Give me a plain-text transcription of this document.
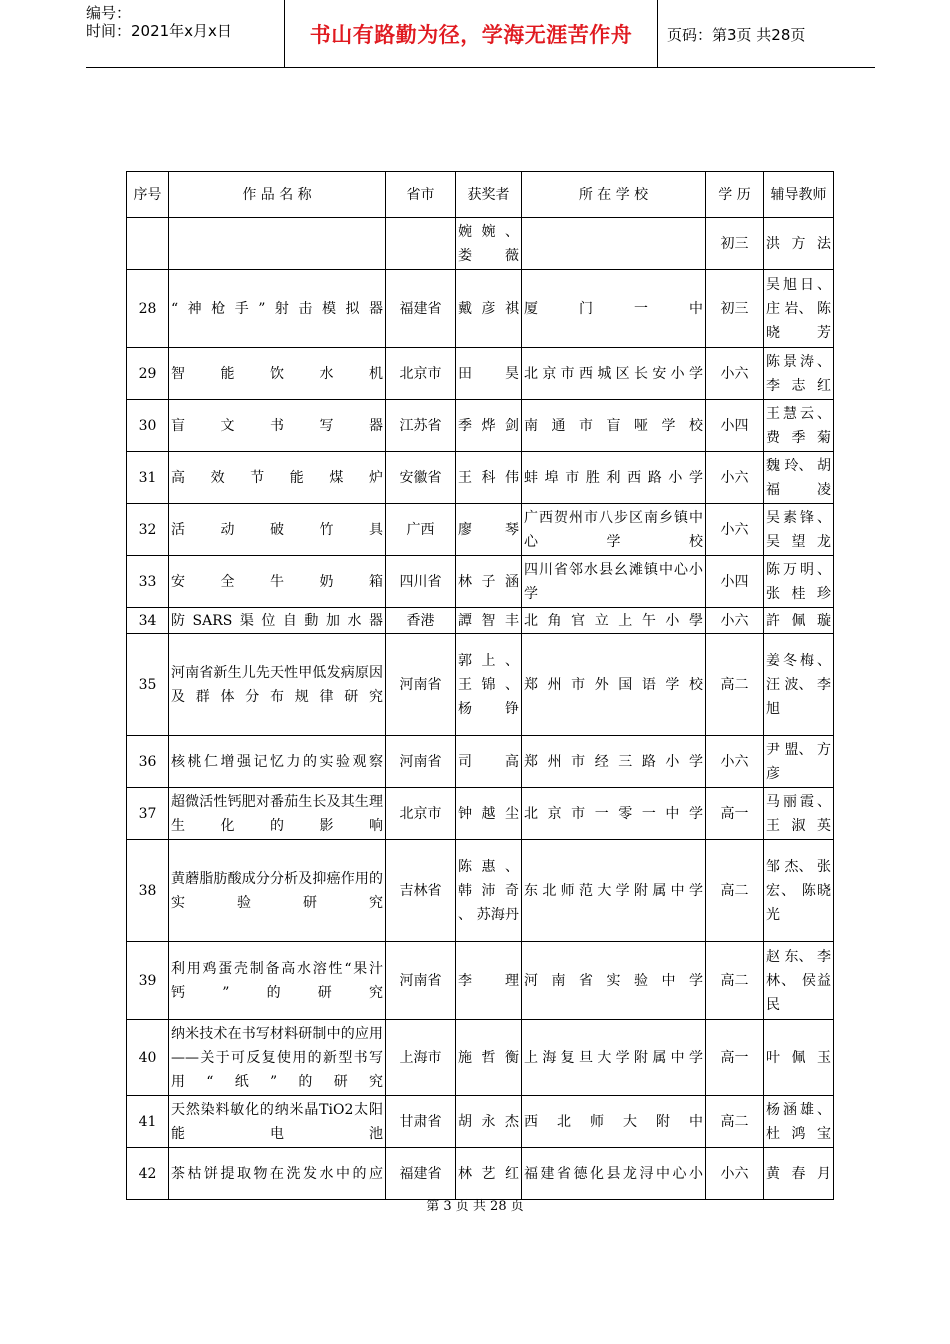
编号：
时间：2021年x月x日	书山有路勤为径，学海无涯苦作舟	页码：第3页 共28页
序号	作 品 名 称	省市	获奖者	所 在 学 校	学 历	辅导教师
			婉 婉 、 娄 薇		初三	洪方法
28	“神枪手”射击模拟器	福建省	戴彦祺	厦门一中	初三	吴旭日、 庄 岩、 陈晓芳
29	智能饮水机	北京市	田 昊	北京市西城区长安小学	小六	陈景涛、 李志红
30	盲文书写器	江苏省	季烨剑	南通市盲哑学校	小四	王慧云、 费季菊
31	高效节能煤炉	安徽省	王科伟	蚌埠市胜利西路小学	小六	魏 玲、 胡福凌
32	活动破竹具	广西	廖 琴	广西贺州市八步区南乡镇中心学校	小六	吴素锋、 吴望龙
33	安全牛奶箱	四川省	林子涵	四川省邻水县幺滩镇中心小学	小四	陈万明、 张桂珍
34	防SARS渠位自動加水器	香港	譚智丰	北角官立上午小學	小六	許佩璇
35	河南省新生儿先天性甲低发病原因及群体分布规律研究	河南省	郭 上 、 王 锦 、 杨 铮	郑州市外国语学校	高二	姜冬梅、 汪 波、 李 旭
36	核桃仁增强记忆力的实验观察	河南省	司 高	郑州市经三路小学	小六	尹 盟、 方 彦
37	超微活性钙肥对番茄生长及其生理生化的影响	北京市	钟越尘	北京市一零一中学	高一	马丽霞、 王淑英
38	黄蘑脂肪酸成分分析及抑癌作用的实验研究	吉林省	陈 惠 、 韩 沛 奇 、 苏海丹	东北师范大学附属中学	高二	邹 杰、 张 宏、 陈晓光
39	利用鸡蛋壳制备高水溶性“果汁钙”的研究	河南省	李 理	河南省实验中学	高二	赵 东、 李 林、 侯益民
40	纳米技术在书写材料研制中的应用——关于可反复使用的新型书写用“纸”的研究	上海市	施哲衡	上海复旦大学附属中学	高一	叶佩玉
41	天然染料敏化的纳米晶TiO2太阳能电池	甘肃省	胡永杰	西北师大附中	高二	杨涵雄、 杜鸿宝
42	茶枯饼提取物在洗发水中的应	福建省	林艺红	福建省德化县龙浔中心小	小六	黄春月
第 3 页 共 28 页
